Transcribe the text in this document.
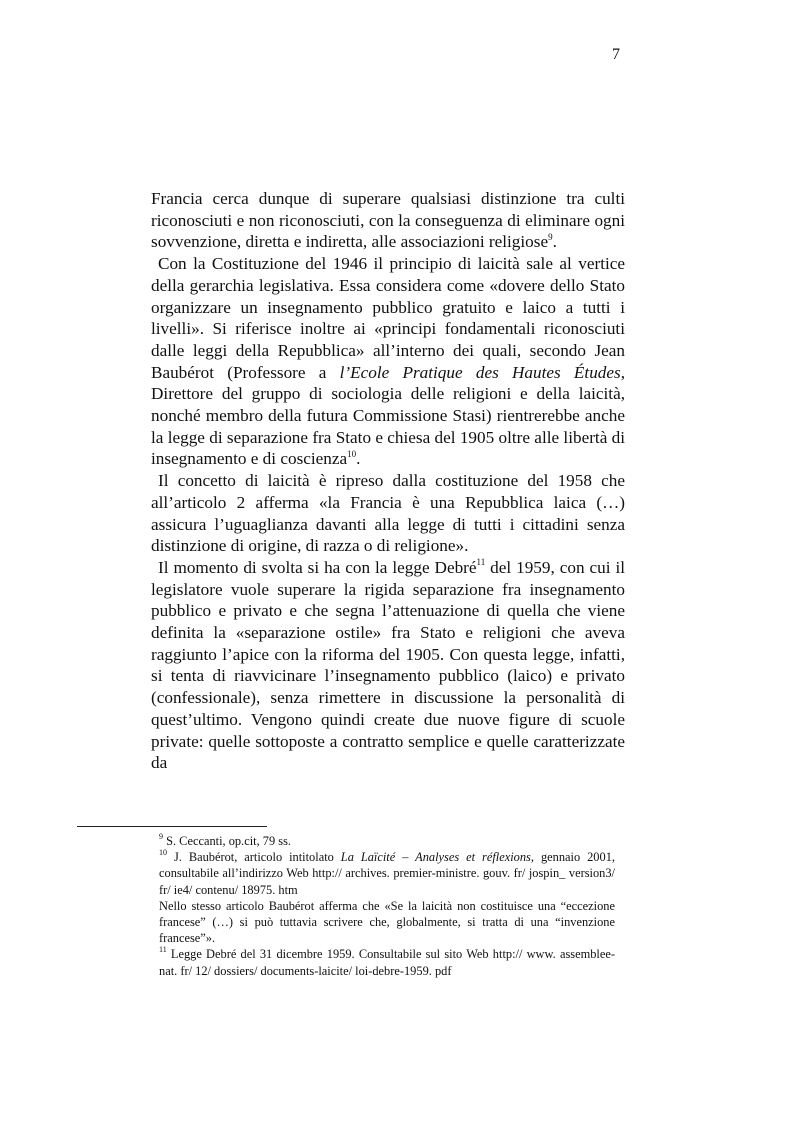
7

Francia cerca dunque di superare qualsiasi distinzione tra culti riconosciuti e non riconosciuti, con la conseguenza di eliminare ogni sovvenzione, diretta e indiretta, alle associazioni religiose$^9$.

Con la Costituzione del 1946 il principio di laicità sale al vertice della gerarchia legislativa. Essa considera come «dovere dello Stato organizzare un insegnamento pubblico gratuito e laico a tutti i livelli». Si riferisce inoltre ai «principi fondamentali riconosciuti dalle leggi della Repubblica» all’interno dei quali, secondo Jean Baubérot (Professore a l’Ecole Pratique des Hautes Études, Direttore del gruppo di sociologia delle religioni e della laicità, nonché membro della futura Commissione Stasi) rientrerebbe anche la legge di separazione fra Stato e chiesa del 1905 oltre alle libertà di insegnamento e di coscienza$^{10}$.

Il concetto di laicità è ripreso dalla costituzione del 1958 che all’articolo 2 afferma «la Francia è una Repubblica laica (…) assicura l’uguaglianza davanti alla legge di tutti i cittadini senza distinzione di origine, di razza o di religione».

Il momento di svolta si ha con la legge Debré$^{11}$ del 1959, con cui il legislatore vuole superare la rigida separazione fra insegnamento pubblico e privato e che segna l’attenuazione di quella che viene definita la «separazione ostile» fra Stato e religioni che aveva raggiunto l’apice con la riforma del 1905. Con questa legge, infatti, si tenta di riavvicinare l’insegnamento pubblico (laico) e privato (confessionale), senza rimettere in discussione la personalità di quest’ultimo. Vengono quindi create due nuove figure di scuole private: quelle sottoposte a contratto semplice e quelle caratterizzate da

$^9$ S. Ceccanti, op.cit, 79 ss.

$^{10}$ J. Baubérot, articolo intitolato La Laïcité – Analyses et réflexions, gennaio 2001, consultabile all’indirizzo Web http:// archives. premier-ministre. gouv. fr/ jospin_ version3/ fr/ ie4/ contenu/ 18975. htm

Nello stesso articolo Baubérot afferma che «Se la laicità non costituisce una “eccezione francese” (…) si può tuttavia scrivere che, globalmente, si tratta di una “invenzione francese”».

$^{11}$ Legge Debré del 31 dicembre 1959. Consultabile sul sito Web http:// www. assemblee-nat. fr/ 12/ dossiers/ documents-laicite/ loi-debre-1959. pdf
